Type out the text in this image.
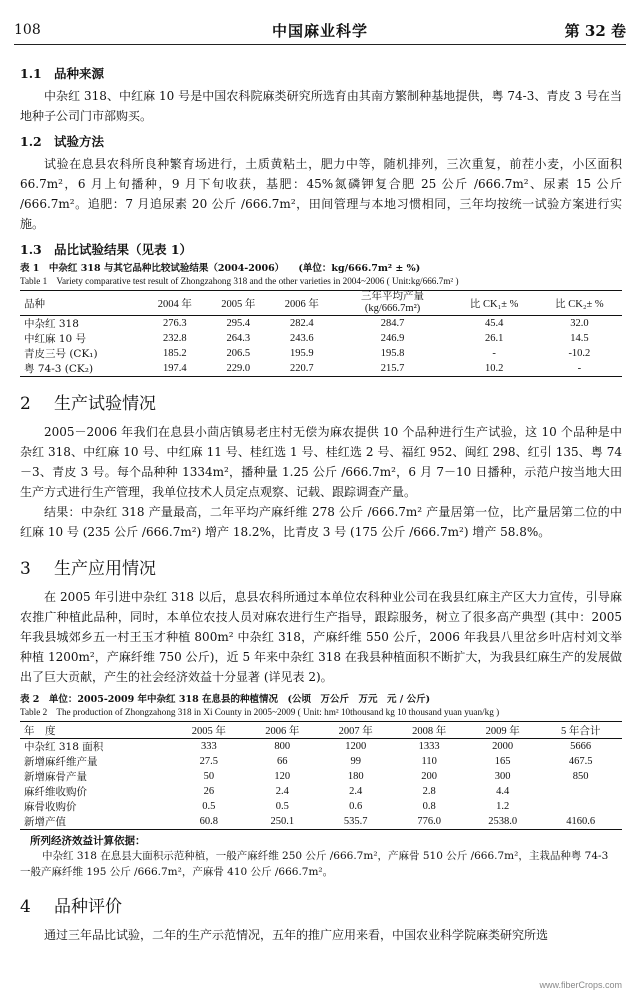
108	中国麻业科学	第 32 卷
1.1 品种来源

中杂红 318、中红麻 10 号是中国农科院麻类研究所选育由其南方繁制种基地提供，粤 74-3、青皮 3 号在当地种子公司门市部购买。

1.2 试验方法

试验在息县农科所良种繁育场进行，土质黄粘土，肥力中等，随机排列，三次重复，前茬小麦，小区面积 66.7m²，6 月上旬播种，9 月下旬收获，基肥：45%氮磷钾复合肥 25 公斤 /666.7m²、尿素 15 公斤 /666.7m²。追肥：7 月追尿素 20 公斤 /666.7m²，田间管理与本地习惯相同，三年均按统一试验方案进行实施。

1.3 品比试验结果（见表 1）

表 1　中杂红 318 与其它品种比较试验结果（2004-2006）　　(单位：kg/666.7m² ± %)

Table 1　Variety comparative test result of Zhongzahong 318 and the other varieties in 2004~2006 ( Unit:kg/666.7m² )

品种	2004 年	2005 年	2006 年	三年平均产量 (kg/666.7m²)	比 CK₁± %	比 CK₂± %
中杂红 318	276.3	295.4	282.4	284.7	45.4	32.0
中红麻 10 号	232.8	264.3	243.6	246.9	26.1	14.5
青皮三号 (CK₁)	185.2	206.5	195.9	195.8	-	-10.2
粤 74-3 (CK₂)	197.4	229.0	220.7	215.7	10.2	-
2 生产试验情况

2005－2006 年我们在息县小茴店镇易老庄村无偿为麻农提供 10 个品种进行生产试验，这 10 个品种是中杂红 318、中红麻 10 号、中红麻 11 号、桂红选 1 号、桂红选 2 号、福红 952、闽红 298、红引 135、粤 74－3、青皮 3 号。每个品种种 1334m²，播种量 1.25 公斤 /666.7m²，6 月 7－10 日播种，示范户按当地大田生产方式进行生产管理，我单位技术人员定点观察、记载、跟踪调查产量。

结果：中杂红 318 产量最高，二年平均产麻纤维 278 公斤 /666.7m² 产量居第一位，比产量居第二位的中红麻 10 号 (235 公斤 /666.7m²) 增产 18.2%，比青皮 3 号 (175 公斤 /666.7m²) 增产 58.8%。

3 生产应用情况

在 2005 年引进中杂红 318 以后，息县农科所通过本单位农科种业公司在我县红麻主产区大力宣传，引导麻农推广种植此品种，同时，本单位农技人员对麻农进行生产指导，跟踪服务，树立了很多高产典型 (其中：2005 年我县城郊乡五一村王玉才种植 800m² 中杂红 318，产麻纤维 550 公斤，2006 年我县八里岔乡叶店村刘文举种植 1200m²，产麻纤维 750 公斤)，近 5 年来中杂红 318 在我县种植面积不断扩大，为我县红麻生产的发展做出了巨大贡献，产生的社会经济效益十分显著 (详见表 2)。

表 2　单位：2005-2009 年中杂红 318 在息县的种植情况　(公顷　万公斤　万元　元 / 公斤)

Table 2　The production of Zhongzahong 318 in Xi County in 2005~2009 ( Unit: hm² 10thousand kg 10 thousand yuan yuan/kg )

年　度	2005 年	2006 年	2007 年	2008 年	2009 年	5 年合计
中杂红 318 面积	333	800	1200	1333	2000	5666
新增麻纤维产量	27.5	66	99	110	165	467.5
新增麻骨产量	50	120	180	200	300	850
麻纤维收购价	26	2.4	2.4	2.8	4.4	
麻骨收购价	0.5	0.5	0.6	0.8	1.2	
新增产值	60.8	250.1	535.7	776.0	2538.0	4160.6

所列经济效益计算依据：

中杂红 318 在息县大面积示范种植，一般产麻纤维 250 公斤 /666.7m²，产麻骨 510 公斤 /666.7m²，主栽品种粤 74-3 一般产麻纤维 195 公斤 /666.7m²，产麻骨 410 公斤 /666.7m²。

4 品种评价

通过三年品比试验，二年的生产示范情况，五年的推广应用来看，中国农业科学院麻类研究所选

www.fiberCrops.com
